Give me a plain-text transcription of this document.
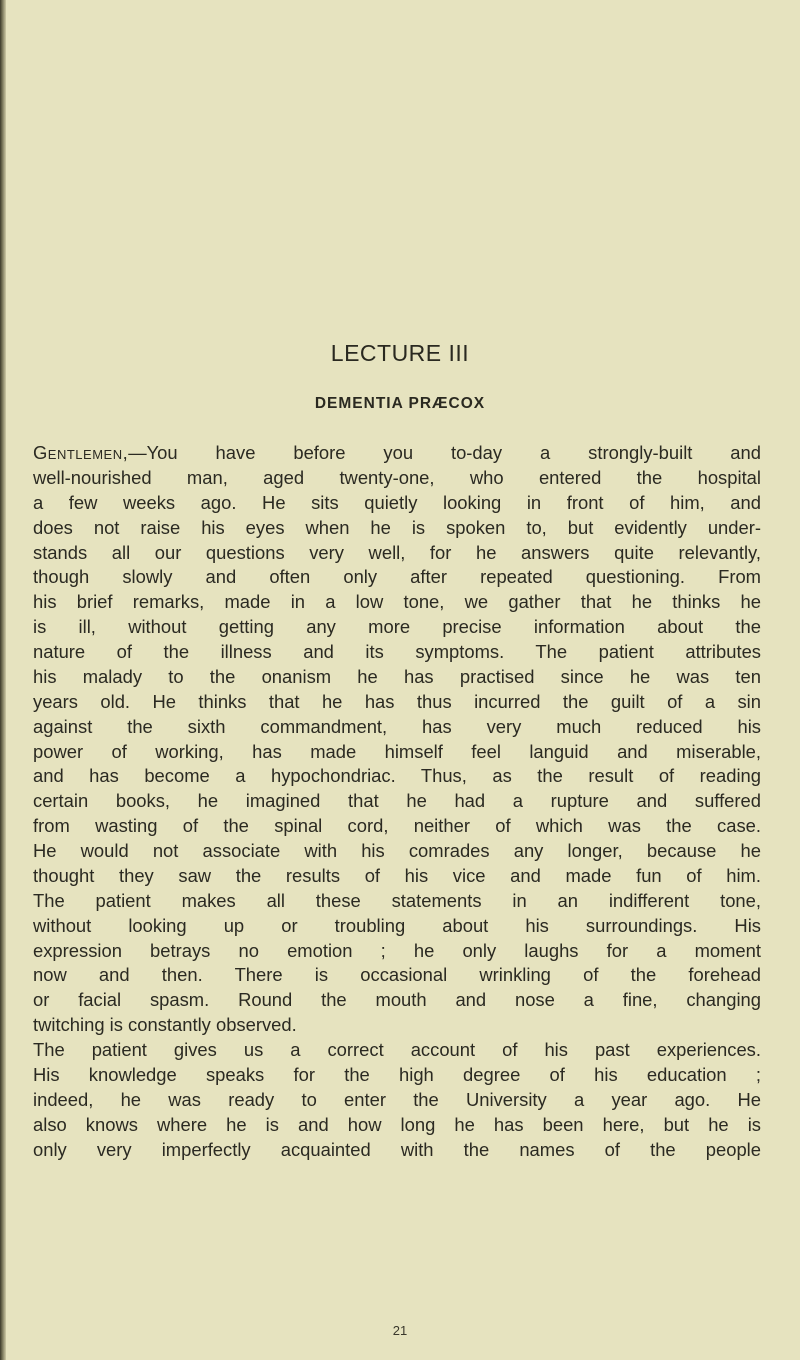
LECTURE III
DEMENTIA PRÆCOX
Gentlemen,—You have before you to-day a strongly-built and
well-nourished man, aged twenty-one, who entered the hospital
a few weeks ago. He sits quietly looking in front of him, and
does not raise his eyes when he is spoken to, but evidently under-
stands all our questions very well, for he answers quite relevantly,
though slowly and often only after repeated questioning. From
his brief remarks, made in a low tone, we gather that he thinks he
is ill, without getting any more precise information about the
nature of the illness and its symptoms. The patient attributes
his malady to the onanism he has practised since he was ten
years old. He thinks that he has thus incurred the guilt of a sin
against the sixth commandment, has very much reduced his
power of working, has made himself feel languid and miserable,
and has become a hypochondriac. Thus, as the result of reading
certain books, he imagined that he had a rupture and suffered
from wasting of the spinal cord, neither of which was the case.
He would not associate with his comrades any longer, because he
thought they saw the results of his vice and made fun of him.
The patient makes all these statements in an indifferent tone,
without looking up or troubling about his surroundings. His
expression betrays no emotion ; he only laughs for a moment
now and then. There is occasional wrinkling of the forehead
or facial spasm. Round the mouth and nose a fine, changing
twitching is constantly observed.
The patient gives us a correct account of his past experiences.
His knowledge speaks for the high degree of his education ;
indeed, he was ready to enter the University a year ago. He
also knows where he is and how long he has been here, but he is
only very imperfectly acquainted with the names of the people
21
